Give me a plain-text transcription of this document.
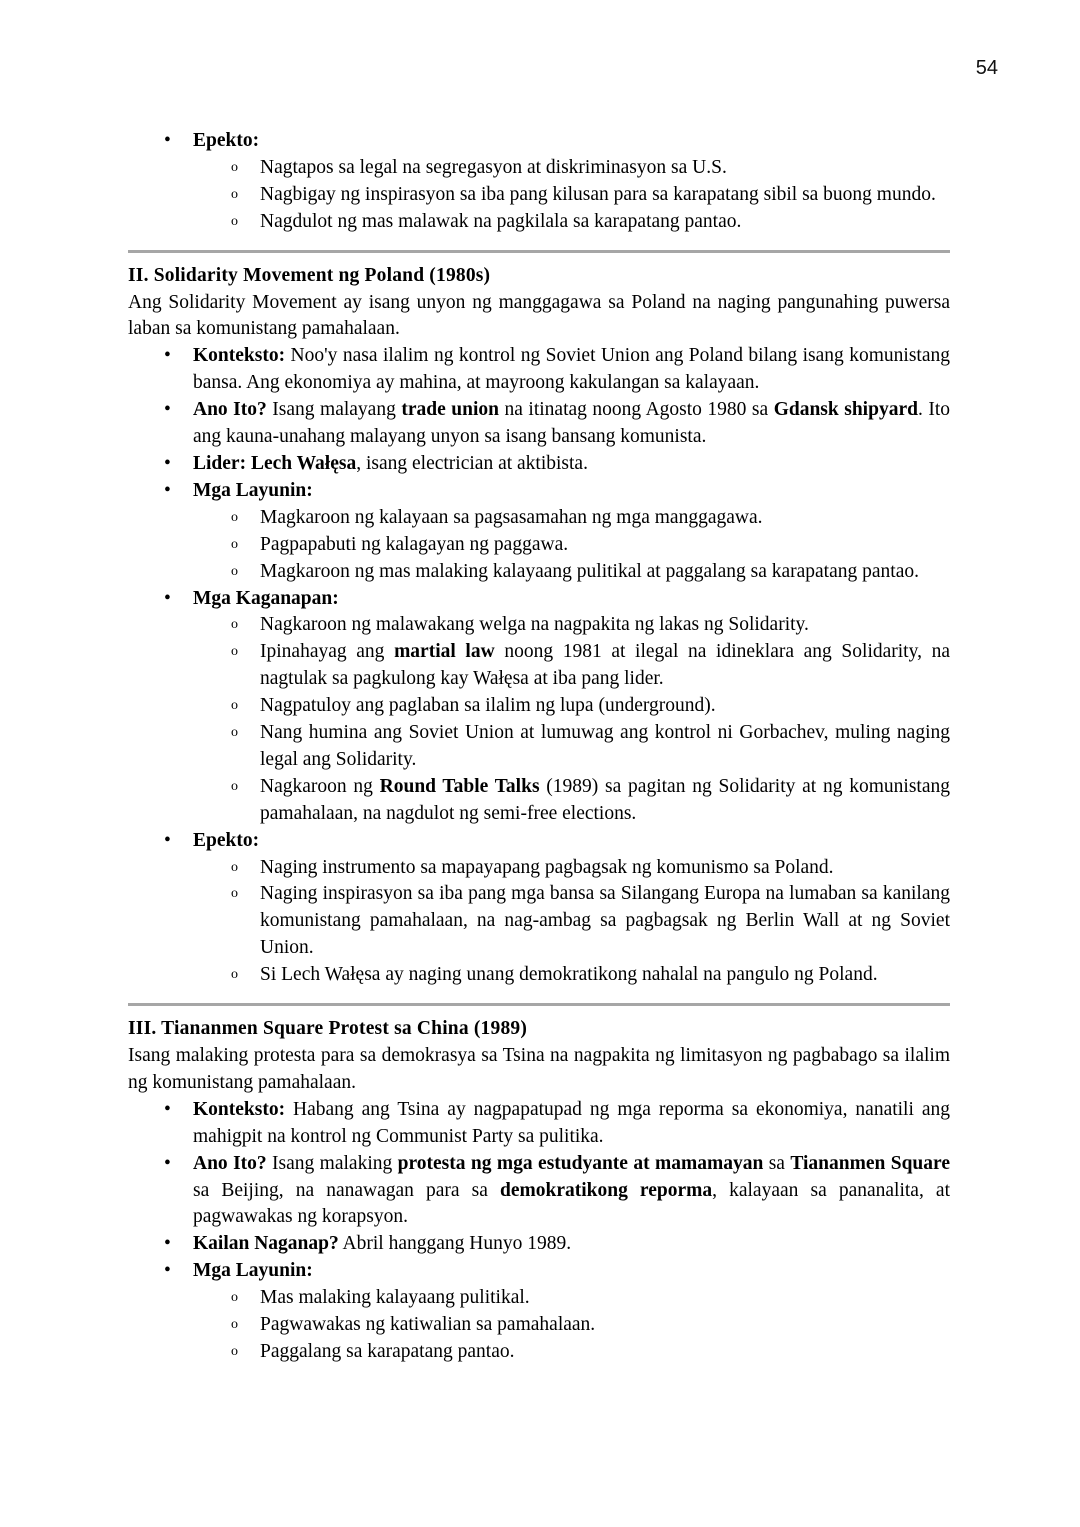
54
• Epekto:
o Nagtapos sa legal na segregasyon at diskriminasyon sa U.S.
o Nagbigay ng inspirasyon sa iba pang kilusan para sa karapatang sibil sa buong mundo.
o Nagdulot ng mas malawak na pagkilala sa karapatang pantao.
II. Solidarity Movement ng Poland (1980s)

Ang Solidarity Movement ay isang unyon ng manggagawa sa Poland na naging pangunahing puwersa laban sa komunistang pamahalaan.

• Konteksto: Noo'y nasa ilalim ng kontrol ng Soviet Union ang Poland bilang isang komunistang bansa. Ang ekonomiya ay mahina, at mayroong kakulangan sa kalayaan.
• Ano Ito? Isang malayang trade union na itinatag noong Agosto 1980 sa Gdansk shipyard. Ito ang kauna-unahang malayang unyon sa isang bansang komunista.
• Lider: Lech Wałęsa, isang electrician at aktibista.
• Mga Layunin:
o Magkaroon ng kalayaan sa pagsasamahan ng mga manggagawa.
o Pagpapabuti ng kalagayan ng paggawa.
o Magkaroon ng mas malaking kalayaang pulitikal at paggalang sa karapatang pantao.
• Mga Kaganapan:
o Nagkaroon ng malawakang welga na nagpakita ng lakas ng Solidarity.
o Ipinahayag ang martial law noong 1981 at ilegal na idineklara ang Solidarity, na nagtulak sa pagkulong kay Wałęsa at iba pang lider.
o Nagpatuloy ang paglaban sa ilalim ng lupa (underground).
o Nang humina ang Soviet Union at lumuwag ang kontrol ni Gorbachev, muling naging legal ang Solidarity.
o Nagkaroon ng Round Table Talks (1989) sa pagitan ng Solidarity at ng komunistang pamahalaan, na nagdulot ng semi-free elections.
• Epekto:
o Naging instrumento sa mapayapang pagbagsak ng komunismo sa Poland.
o Naging inspirasyon sa iba pang mga bansa sa Silangang Europa na lumaban sa kanilang komunistang pamahalaan, na nag-ambag sa pagbagsak ng Berlin Wall at ng Soviet Union.
o Si Lech Wałęsa ay naging unang demokratikong nahalal na pangulo ng Poland.
III. Tiananmen Square Protest sa China (1989)

Isang malaking protesta para sa demokrasya sa Tsina na nagpakita ng limitasyon ng pagbabago sa ilalim ng komunistang pamahalaan.

• Konteksto: Habang ang Tsina ay nagpapatupad ng mga reporma sa ekonomiya, nanatili ang mahigpit na kontrol ng Communist Party sa pulitika.
• Ano Ito? Isang malaking protesta ng mga estudyante at mamamayan sa Tiananmen Square sa Beijing, na nanawagan para sa demokratikong reporma, kalayaan sa pananalita, at pagwawakas ng korapsyon.
• Kailan Naganap? Abril hanggang Hunyo 1989.
• Mga Layunin:
o Mas malaking kalayaang pulitikal.
o Pagwawakas ng katiwalian sa pamahalaan.
o Paggalang sa karapatang pantao.
